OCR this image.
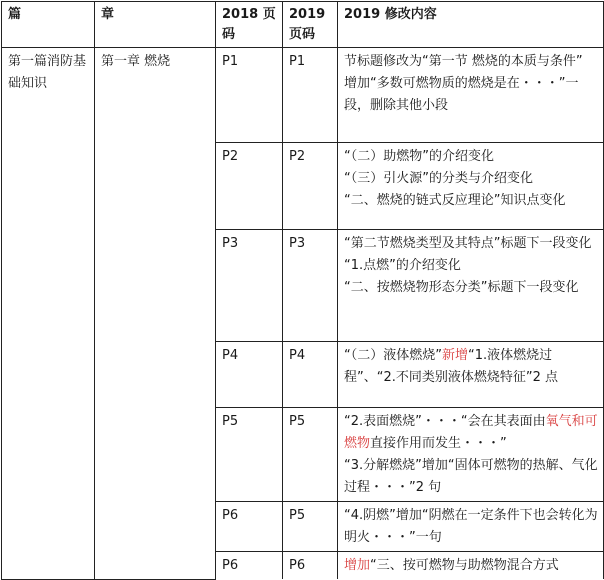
篇	章	2018 页码	2019 页码	2019 修改内容
第一篇消防基础知识	第一章 燃烧	P1	P1	节标题修改为“第一节 燃烧的本质与条件”
增加“多数可燃物质的燃烧是在・・・”一段，删除其他小段

		P2	P2	“（二）助燃物”的介绍变化
“（三）引火源”的分类与介绍变化
“二、燃烧的链式反应理论”知识点变化

		P3	P3	“第二节燃烧类型及其特点”标题下一段变化
“1.点燃”的介绍变化
“二、按燃烧物形态分类”标题下一段变化

		P4	P4	“（二）液体燃烧”新增“1.液体燃烧过程”、“2.不同类别液体燃烧特征”2 点
		P5	P5	“2.表面燃烧”・・・“会在其表面由氧气和可燃物直接作用而发生・・・”
“3.分解燃烧”增加“固体可燃物的热解、气化过程・・・”2 句

		P6	P5	“4.阴燃”增加“阴燃在一定条件下也会转化为明火・・・”一句

		P6	P6	增加“三、按可燃物与助燃物混合方式
